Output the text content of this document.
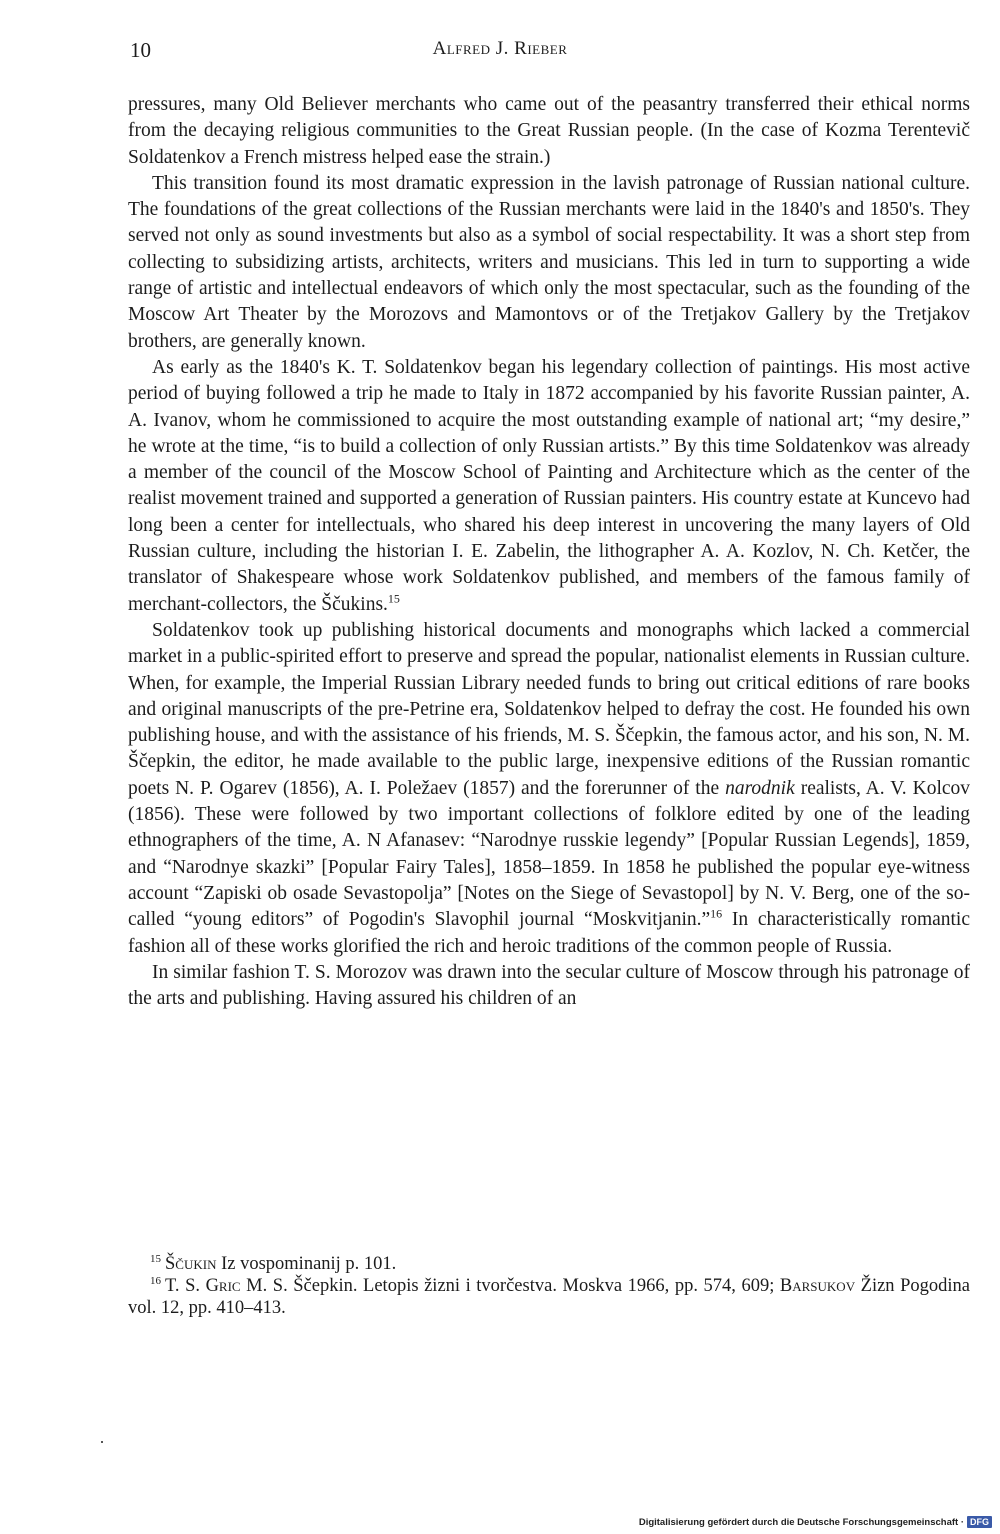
10	Alfred J. Rieber

pressures, many Old Believer merchants who came out of the peasantry transferred their ethical norms from the decaying religious communities to the Great Russian people. (In the case of Kozma Terentevič Soldatenkov a French mistress helped ease the strain.)

This transition found its most dramatic expression in the lavish patronage of Russian national culture. The foundations of the great collections of the Russian merchants were laid in the 1840's and 1850's. They served not only as sound investments but also as a symbol of social respectability. It was a short step from collecting to subsidizing artists, architects, writers and musicians. This led in turn to supporting a wide range of artistic and intellectual endeavors of which only the most spectacular, such as the founding of the Moscow Art Theater by the Morozovs and Mamontovs or of the Tretjakov Gallery by the Tretjakov brothers, are generally known.

As early as the 1840's K. T. Soldatenkov began his legendary collection of paintings. His most active period of buying followed a trip he made to Italy in 1872 accompanied by his favorite Russian painter, A. A. Ivanov, whom he commissioned to acquire the most outstanding example of national art; “my desire,” he wrote at the time, “is to build a collection of only Russian artists.” By this time Soldatenkov was already a member of the council of the Moscow School of Painting and Architecture which as the center of the realist movement trained and supported a generation of Russian painters. His country estate at Kuncevo had long been a center for intellectuals, who shared his deep interest in uncovering the many layers of Old Russian culture, including the historian I. E. Zabelin, the lithographer A. A. Kozlov, N. Ch. Ketčer, the translator of Shakespeare whose work Soldatenkov published, and members of the famous family of merchant-collectors, the Ščukins.$^{15}$

Soldatenkov took up publishing historical documents and monographs which lacked a commercial market in a public-spirited effort to preserve and spread the popular, nationalist elements in Russian culture. When, for example, the Imperial Russian Library needed funds to bring out critical editions of rare books and original manuscripts of the pre-Petrine era, Soldatenkov helped to defray the cost. He founded his own publishing house, and with the assistance of his friends, M. S. Ščepkin, the famous actor, and his son, N. M. Ščepkin, the editor, he made available to the public large, inexpensive editions of the Russian romantic poets N. P. Ogarev (1856), A. I. Poležaev (1857) and the forerunner of the narodnik realists, A. V. Kolcov (1856). These were followed by two important collections of folklore edited by one of the leading ethnographers of the time, A. N Afanasev: “Narodnye russkie legendy” [Popular Russian Legends], 1859, and “Narodnye skazki” [Popular Fairy Tales], 1858–1859. In 1858 he published the popular eye-witness account “Zapiski ob osade Sevastopolja” [Notes on the Siege of Sevastopol] by N. V. Berg, one of the so-called “young editors” of Pogodin's Slavophil journal “Moskvitjanin.”$^{16}$ In characteristically romantic fashion all of these works glorified the rich and heroic traditions of the common people of Russia.

In similar fashion T. S. Morozov was drawn into the secular culture of Moscow through his patronage of the arts and publishing. Having assured his children of an

$^{15}$ Ščukin Iz vospominanij p. 101.

$^{16}$ T. S. Gric M. S. Ščepkin. Letopis žizni i tvorčestva. Moskva 1966, pp. 574, 609; Barsukov Žizn Pogodina vol. 12, pp. 410–413.

Digitalisierung gefördert durch die Deutsche Forschungsgemeinschaft · DFG
